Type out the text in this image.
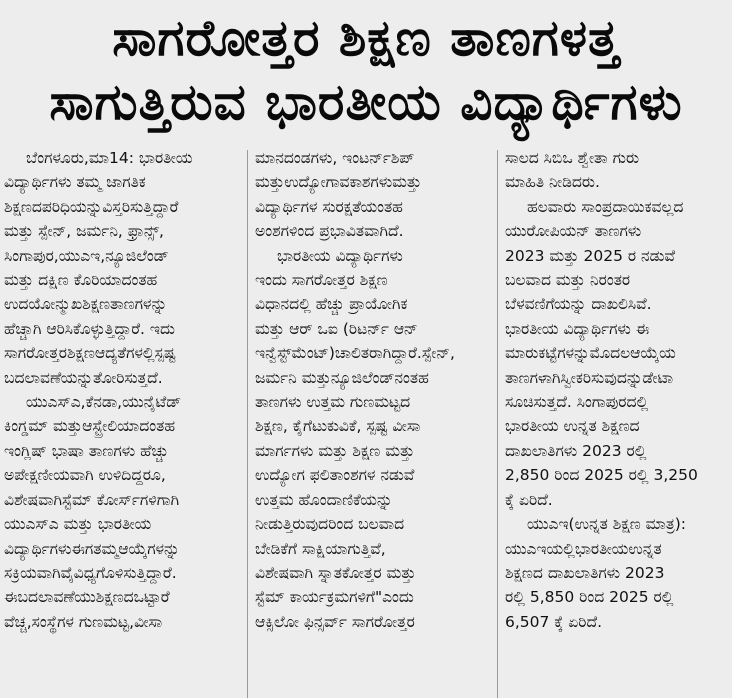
ಸಾಗರೋತ್ತರ ಶಿಕ್ಷಣ ತಾಣಗಳತ್ತ
ಸಾಗುತ್ತಿರುವ ಭಾರತೀಯ ವಿದ್ಯಾರ್ಥಿಗಳು
ಬೆಂಗಳೂರು,ಮಾ14: ಭಾರತೀಯ
ವಿದ್ಯಾರ್ಥಿಗಳು ತಮ್ಮ ಜಾಗತಿಕ
ಶಿಕ್ಷಣದಪರಿಧಿಯನ್ನುವಿಸ್ತರಿಸುತ್ತಿದ್ದಾರೆ
ಮತ್ತು ಸ್ಪೇನ್, ಜರ್ಮನಿ, ಫ್ರಾನ್ಸ್,
ಸಿಂಗಾಪುರ,ಯುಎಇ,ನ್ಯೂಜಿಲೆಂಡ್
ಮತ್ತು ದಕ್ಷಿಣ ಕೊರಿಯಾದಂತಹ
ಉದಯೋನ್ಮುಖಶಿಕ್ಷಣತಾಣಗಳನ್ನು
ಹೆಚ್ಚಾಗಿ ಆರಿಸಿಕೊಳ್ಳುತ್ತಿದ್ದಾರೆ. ಇದು
ಸಾಗರೋತ್ತರಶಿಕ್ಷಣಆದ್ಯತೆಗಳಲ್ಲಿಸ್ಪಷ್ಟ
ಬದಲಾವಣೆಯನ್ನುತೋರಿಸುತ್ತದೆ.
ಯುಎಸ್‌ಎ,ಕೆನಡಾ,ಯುನೈಟೆಡ್
ಕಿಂಗ್ಡಮ್ ಮತ್ತುಆಸ್ಟ್ರೇಲಿಯಾದಂತಹ
ಇಂಗ್ಲಿಷ್ ಭಾಷಾ ತಾಣಗಳು ಹೆಚ್ಚು
ಅಪೇಕ್ಷಣೀಯವಾಗಿ ಉಳಿದಿದ್ದರೂ,
ವಿಶೇಷವಾಗಿಸ್ಟೆಮ್ ಕೋರ್ಸ್‌ಗಳಿಗಾಗಿ
ಯುಎಸ್‌ಎ ಮತ್ತು ಭಾರತೀಯ
ವಿದ್ಯಾರ್ಥಿಗಳುಈಗತಮ್ಮಆಯ್ಕೆಗಳನ್ನು
ಸಕ್ರಿಯವಾಗಿವೈವಿಧ್ಯಗೊಳಿಸುತ್ತಿದ್ದಾರೆ.
ಈಬದಲಾವಣೆಯುಶಿಕ್ಷಣದಒಟ್ಟಾರೆ
ವೆಚ್ಚ,ಸಂಸ್ಥೆಗಳ ಗುಣಮಟ್ಟ,ವೀಸಾ
ಮಾನದಂಡಗಳು, ಇಂಟರ್ನ್‌ಶಿಪ್
ಮತ್ತುಉದ್ಯೋಗಾವಕಾಶಗಳುಮತ್ತು
ವಿದ್ಯಾರ್ಥಿಗಳ ಸುರಕ್ಷತೆಯಂತಹ
ಅಂಶಗಳಿಂದ ಪ್ರಭಾವಿತವಾಗಿದೆ.
ಭಾರತೀಯ ವಿದ್ಯಾರ್ಥಿಗಳು
ಇಂದು ಸಾಗರೋತ್ತರ ಶಿಕ್ಷಣ
ವಿಧಾನದಲ್ಲಿ ಹೆಚ್ಚು ಪ್ರಾಯೋಗಿಕ
ಮತ್ತು ಆರ್ ಒಐ (ರಿಟರ್ನ್ ಆನ್
ಇನ್ವೆಸ್ಟ್‌ಮೆಂಟ್)ಚಾಲಿತರಾಗಿದ್ದಾರೆ.ಸ್ಪೇನ್,
ಜರ್ಮನಿ ಮತ್ತುನ್ಯೂಜಿಲೆಂಡ್‌ನಂತಹ
ತಾಣಗಳು ಉತ್ತಮ ಗುಣಮಟ್ಟದ
ಶಿಕ್ಷಣ, ಕೈಗೆಟುಕುವಿಕೆ, ಸ್ಪಷ್ಟ ವೀಸಾ
ಮಾರ್ಗಗಳು ಮತ್ತು ಶಿಕ್ಷಣ ಮತ್ತು
ಉದ್ಯೋಗ ಫಲಿತಾಂಶಗಳ ನಡುವೆ
ಉತ್ತಮ ಹೊಂದಾಣಿಕೆಯನ್ನು
ನೀಡುತ್ತಿರುವುದರಿಂದ ಬಲವಾದ
ಬೇಡಿಕೆಗೆ ಸಾಕ್ಷಿಯಾಗುತ್ತಿವೆ,
ವಿಶೇಷವಾಗಿ ಸ್ನಾತಕೋತ್ತರ ಮತ್ತು
ಸ್ಟೆಮ್ ಕಾರ್ಯಕ್ರಮಗಳಿಗೆ"ಎಂದು
ಆಕ್ಸಿಲೋ ಫಿನ್ಸರ್ವ್ ಸಾಗರೋತ್ತರ
ಸಾಲದ ಸಿಬಿಒ ಶ್ವೇತಾ ಗುರು
ಮಾಹಿತಿ ನೀಡಿದರು.
ಹಲವಾರು ಸಾಂಪ್ರದಾಯಿಕವಲ್ಲದ
ಯುರೋಪಿಯನ್ ತಾಣಗಳು
2023 ಮತ್ತು 2025 ರ ನಡುವೆ
ಬಲವಾದ ಮತ್ತು ನಿರಂತರ
ಬೆಳವಣಿಗೆಯನ್ನು ದಾಖಲಿಸಿವೆ.
ಭಾರತೀಯ ವಿದ್ಯಾರ್ಥಿಗಳು ಈ
ಮಾರುಕಟ್ಟೆಗಳನ್ನುಮೊದಲಆಯ್ಕೆಯ
ತಾಣಗಳಾಗಿಸ್ವೀಕರಿಸುವುದನ್ನುಡೇಟಾ
ಸೂಚಿಸುತ್ತದೆ. ಸಿಂಗಾಪುರದಲ್ಲಿ
ಭಾರತೀಯ ಉನ್ನತ ಶಿಕ್ಷಣದ
ದಾಖಲಾತಿಗಳು 2023 ರಲ್ಲಿ
2,850 ರಿಂದ 2025 ರಲ್ಲಿ 3,250
ಕ್ಕೆ ಏರಿದೆ.
ಯುಎಇ(ಉನ್ನತ ಶಿಕ್ಷಣ ಮಾತ್ರ):
ಯುಎಇಯಲ್ಲಿಭಾರತೀಯಉನ್ನತ
ಶಿಕ್ಷಣದ ದಾಖಲಾತಿಗಳು 2023
ರಲ್ಲಿ 5,850 ರಿಂದ 2025 ರಲ್ಲಿ
6,507 ಕ್ಕೆ ಏರಿದೆ.
